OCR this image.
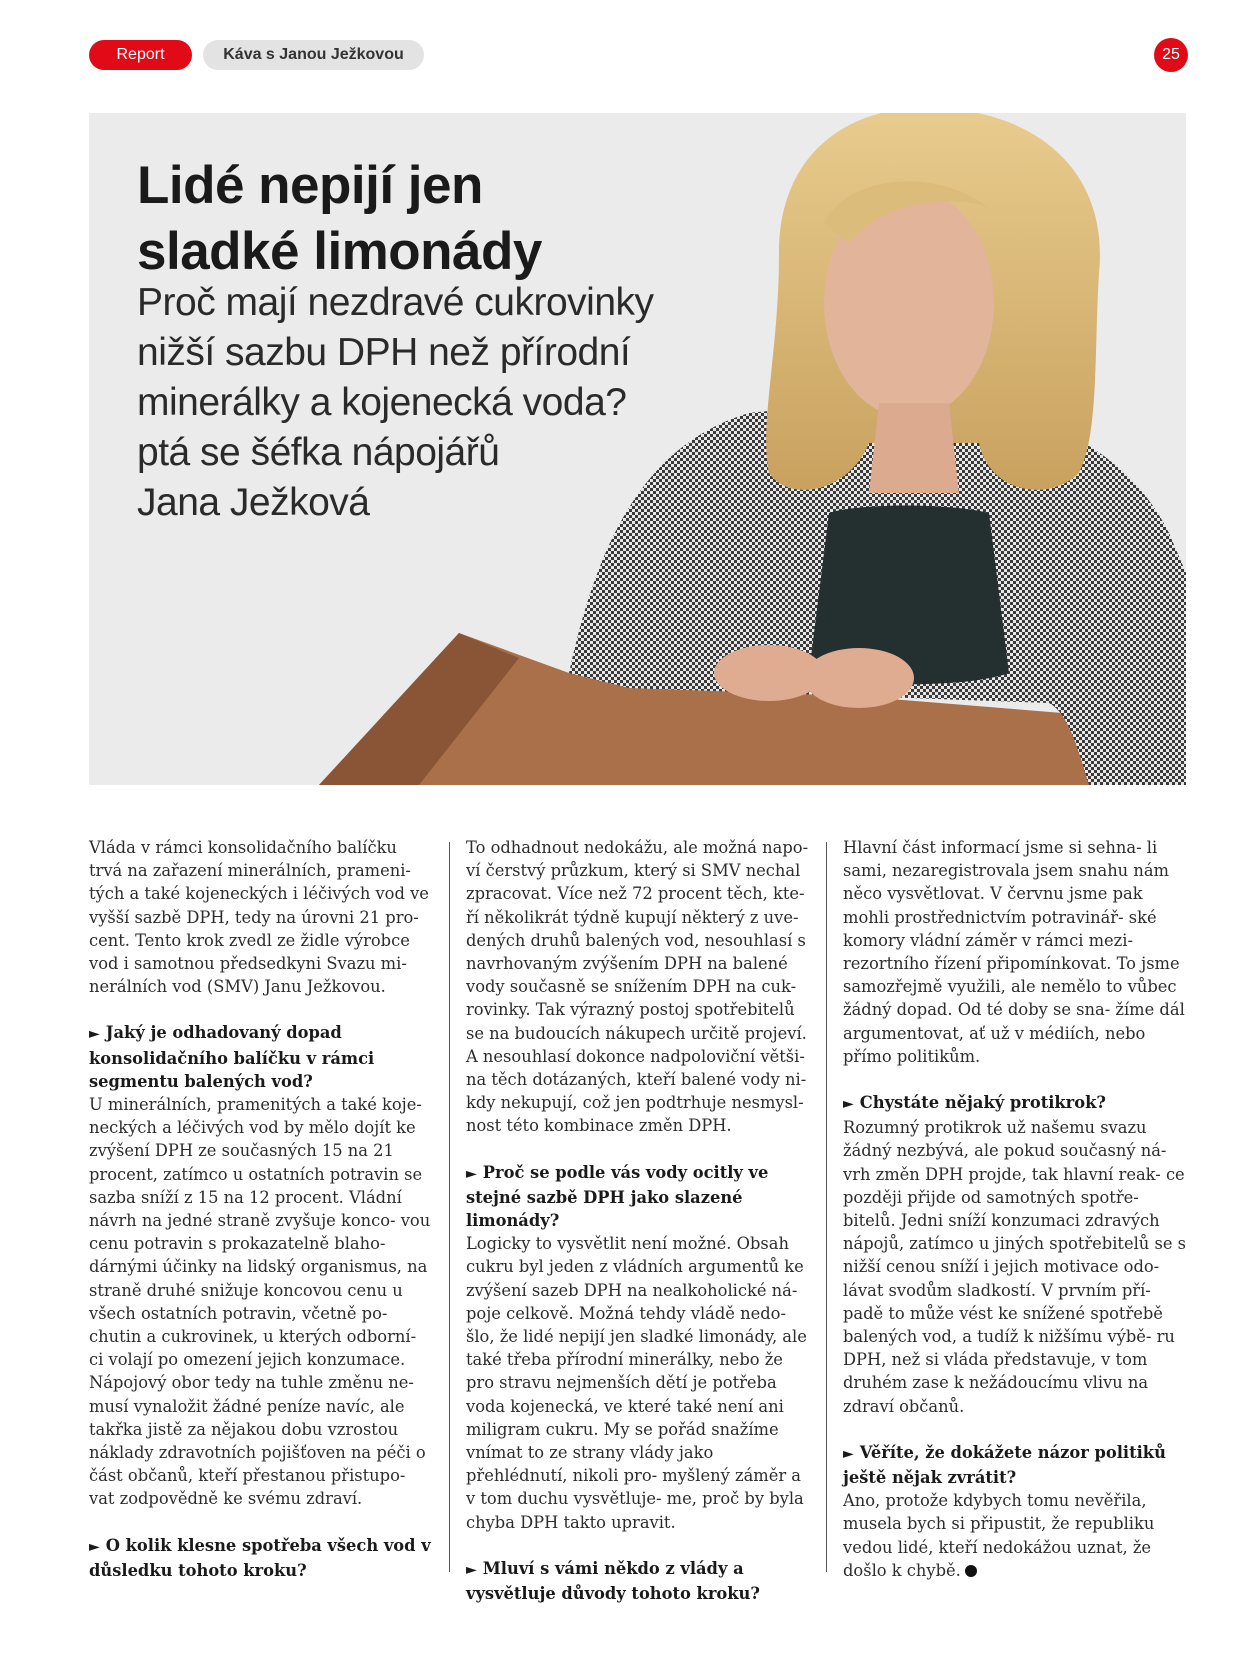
Report	Káva s Janou Ježkovou	25
Lidé nepijí jen
sladké limonády
Proč mají nezdravé cukrovinky
nižší sazbu DPH než přírodní
minerálky a kojenecká voda?
ptá se šéfka nápojářů
Jana Ježková

Vláda v rámci konsolidačního balíčku trvá na zařazení minerálních, prameni- tých a také kojeneckých i léčivých vod ve vyšší sazbě DPH, tedy na úrovni 21 pro- cent. Tento krok zvedl ze židle výrobce vod i samotnou předsedkyni Svazu mi- nerálních vod (SMV) Janu Ježkovou.

► Jaký je odhadovaný dopad konsolidačního balíčku v rámci segmentu balených vod?

U minerálních, pramenitých a také koje- neckých a léčivých vod by mělo dojít ke zvýšení DPH ze současných 15 na 21 procent, zatímco u ostatních potravin se sazba sníží z 15 na 12 procent. Vládní návrh na jedné straně zvyšuje konco- vou cenu potravin s prokazatelně blaho- dárnými účinky na lidský organismus, na straně druhé snižuje koncovou cenu u všech ostatních potravin, včetně po- chutin a cukrovinek, u kterých odborní- ci volají po omezení jejich konzumace. Nápojový obor tedy na tuhle změnu ne- musí vynaložit žádné peníze navíc, ale takřka jistě za nějakou dobu vzrostou náklady zdravotních pojišťoven na péči o část občanů, kteří přestanou přistupo- vat zodpovědně ke svému zdraví.

► O kolik klesne spotřeba všech vod v důsledku tohoto kroku?

To odhadnout nedokážu, ale možná napo- ví čerstvý průzkum, který si SMV nechal zpracovat. Více než 72 procent těch, kte- ří několikrát týdně kupují některý z uve- dených druhů balených vod, nesouhlasí s navrhovaným zvýšením DPH na balené vody současně se snížením DPH na cuk- rovinky. Tak výrazný postoj spotřebitelů se na budoucích nákupech určitě projeví. A nesouhlasí dokonce nadpoloviční větši- na těch dotázaných, kteří balené vody ni- kdy nekupují, což jen podtrhuje nesmysl- nost této kombinace změn DPH.

► Proč se podle vás vody ocitly ve stejné sazbě DPH jako slazené limonády?

Logicky to vysvětlit není možné. Obsah cukru byl jeden z vládních argumentů ke zvýšení sazeb DPH na nealkoholické ná- poje celkově. Možná tehdy vládě nedo- šlo, že lidé nepijí jen sladké limonády, ale také třeba přírodní minerálky, nebo že pro stravu nejmenších dětí je potřeba voda kojenecká, ve které také není ani miligram cukru. My se pořád snažíme vnímat to ze strany vlády jako přehlédnutí, nikoli pro- myšlený záměr a v tom duchu vysvětluje- me, proč by byla chyba DPH takto upravit.

► Mluví s vámi někdo z vlády a vysvětluje důvody tohoto kroku?

Hlavní část informací jsme si sehna- li sami, nezaregistrovala jsem snahu nám něco vysvětlovat. V červnu jsme pak mohli prostřednictvím potravinář- ské komory vládní záměr v rámci mezi- rezortního řízení připomínkovat. To jsme samozřejmě využili, ale nemělo to vůbec žádný dopad. Od té doby se sna- žíme dál argumentovat, ať už v médiích, nebo přímo politikům.

► Chystáte nějaký protikrok?

Rozumný protikrok už našemu svazu žádný nezbývá, ale pokud současný ná- vrh změn DPH projde, tak hlavní reak- ce později přijde od samotných spotře- bitelů. Jedni sníží konzumaci zdravých nápojů, zatímco u jiných spotřebitelů se s nižší cenou sníží i jejich motivace odo- lávat svodům sladkostí. V prvním pří- padě to může vést ke snížené spotřebě balených vod, a tudíž k nižšímu výbě- ru DPH, než si vláda představuje, v tom druhém zase k nežádoucímu vlivu na zdraví občanů.

► Věříte, že dokážete názor politiků ještě nějak zvrátit?

Ano, protože kdybych tomu nevěřila, musela bych si připustit, že republiku vedou lidé, kteří nedokážou uznat, že došlo k chybě.
